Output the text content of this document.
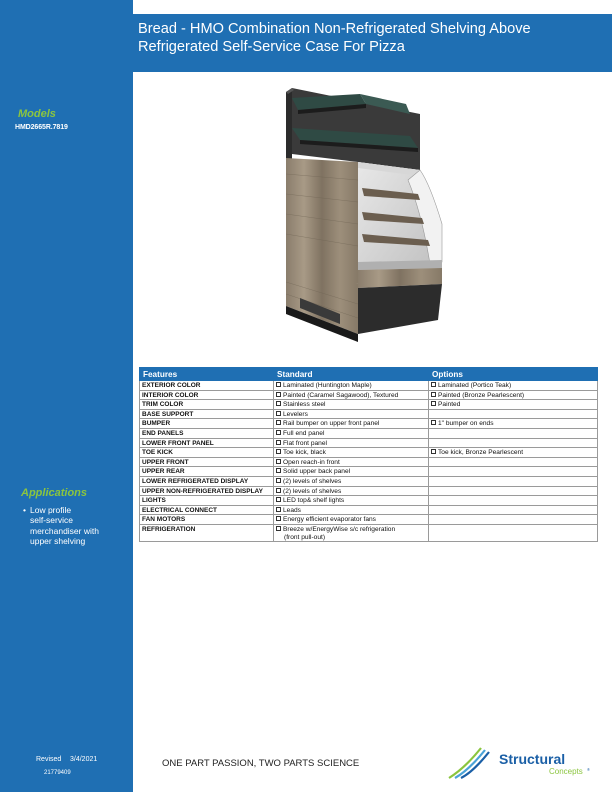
Bread - HMO Combination Non-Refrigerated Shelving Above Refrigerated Self-Service Case For Pizza
Models
HMD2665R.7819
Applications
• Low profile
self-service
merchandiser with
upper shelving
Revised 3/4/2021
21779409
Features	Standard	Options
EXTERIOR COLOR	Laminated (Huntington Maple)	Laminated (Portico Teak)
INTERIOR COLOR	Painted (Caramel Sagawood), Textured	Painted (Bronze Pearlescent)
TRIM COLOR	Stainless steel	Painted
BASE SUPPORT	Levelers	
BUMPER	Rail bumper on upper front panel	1" bumper on ends
END PANELS	Full end panel	
LOWER FRONT PANEL	Flat front panel	
TOE KICK	Toe kick, black	Toe kick, Bronze Pearlescent
UPPER FRONT	Open reach-in front	
UPPER REAR	Solid upper back panel	
LOWER REFRIGERATED DISPLAY	(2) levels of shelves	
UPPER NON-REFRIGERATED DISPLAY	(2) levels of shelves	
LIGHTS	LED top& shelf lights	
ELECTRICAL CONNECT	Leads	
FAN MOTORS	Energy efficient evaporator fans	
REFRIGERATION	Breeze w/EnergyWise s/c refrigeration
(front pull-out)	

ONE PART PASSION, TWO PARTS SCIENCE	Structural
Concepts ®
